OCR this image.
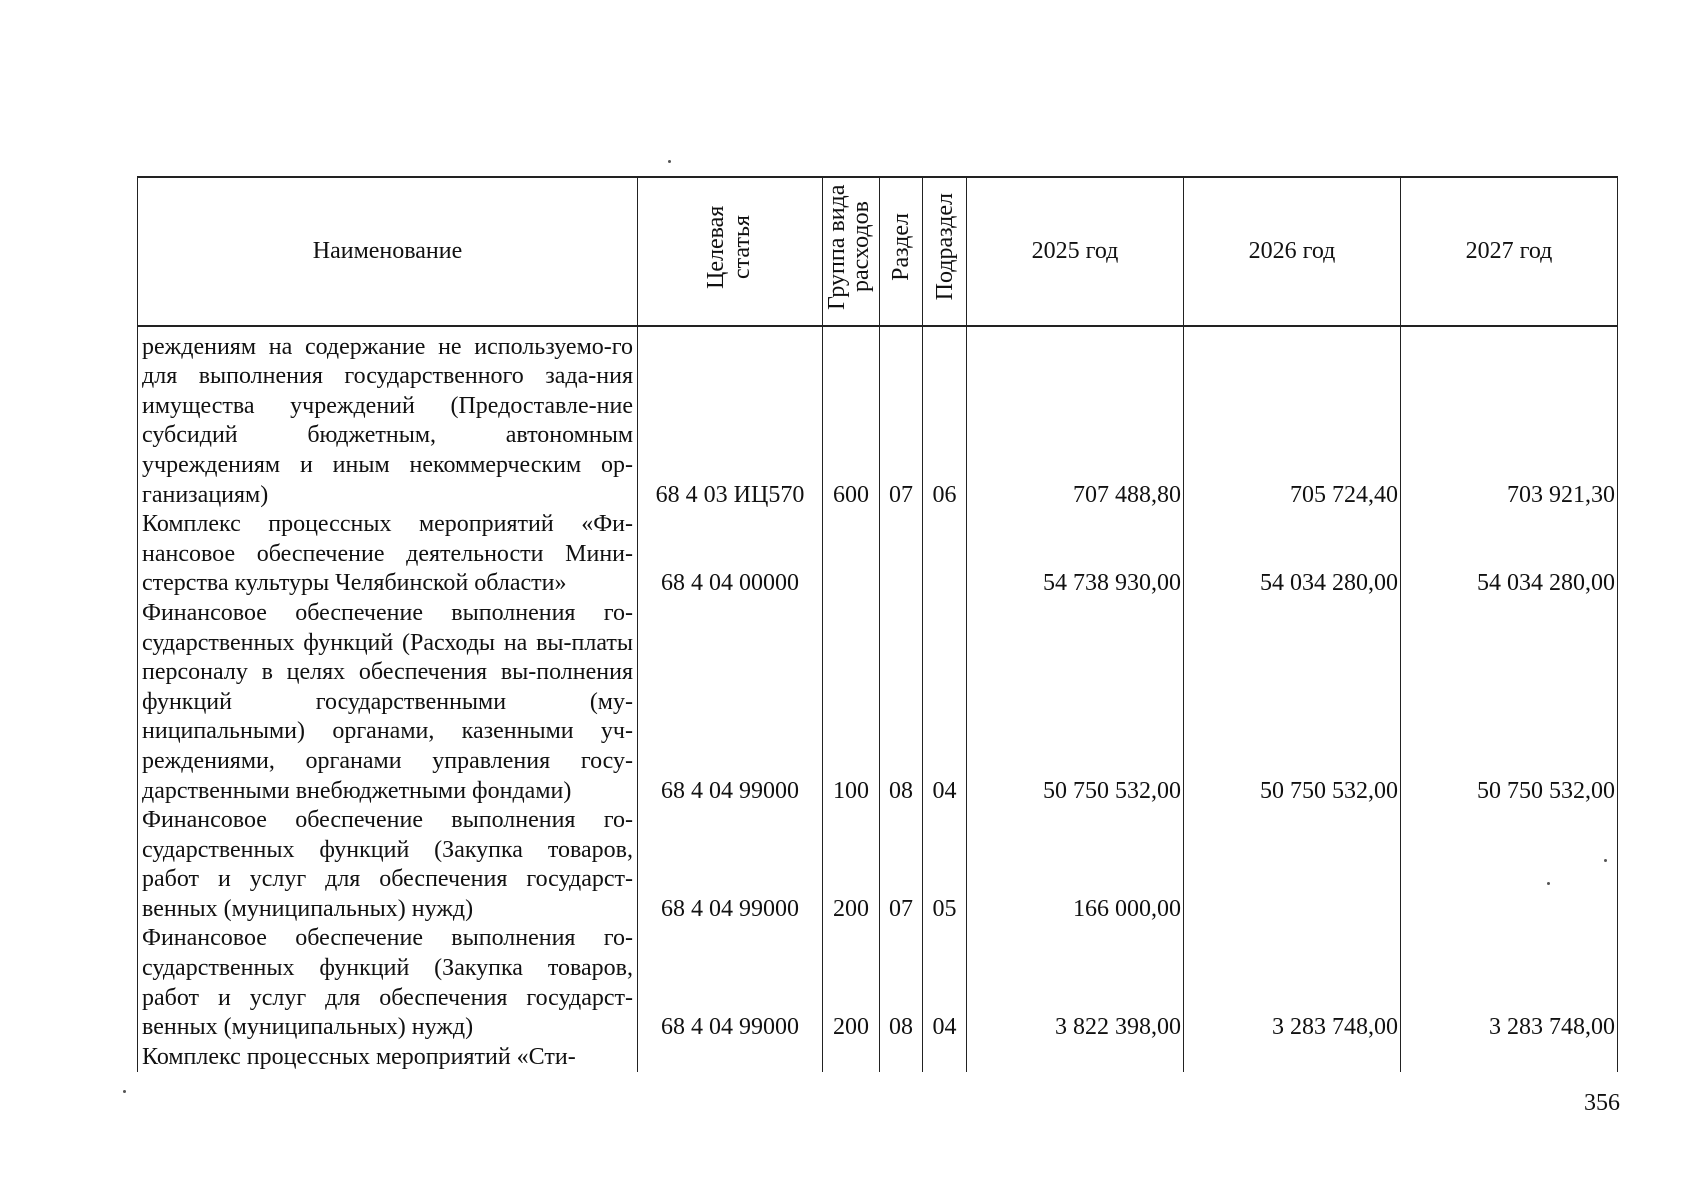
Наименование	Целевая статья	Группа вида расходов	Раздел	Подраздел	2025 год	2026 год	2027 год
реждениям на содержание не используемо-го для выполнения государственного зада-ния имущества учреждений (Предоставле-ние субсидий бюджетным, автономным учреждениям и иным некоммерческим ор-ганизациям)	68 4 03 ИЦ570	600	07	06	707 488,80	705 724,40	703 921,30
Комплекс процессных мероприятий «Фи-нансовое обеспечение деятельности Мини-стерства культуры Челябинской области»	68 4 04 00000				54 738 930,00	54 034 280,00	54 034 280,00
Финансовое обеспечение выполнения го-сударственных функций (Расходы на вы-платы персоналу в целях обеспечения вы-полнения функций государственными (му-ниципальными) органами, казенными уч-реждениями, органами управления госу-дарственными внебюджетными фондами)	68 4 04 99000	100	08	04	50 750 532,00	50 750 532,00	50 750 532,00
Финансовое обеспечение выполнения го-сударственных функций (Закупка товаров, работ и услуг для обеспечения государст-венных (муниципальных) нужд)	68 4 04 99000	200	07	05	166 000,00		
Финансовое обеспечение выполнения го-сударственных функций (Закупка товаров, работ и услуг для обеспечения государст-венных (муниципальных) нужд)	68 4 04 99000	200	08	04	3 822 398,00	3 283 748,00	3 283 748,00
Комплекс процессных мероприятий «Сти-							
356
